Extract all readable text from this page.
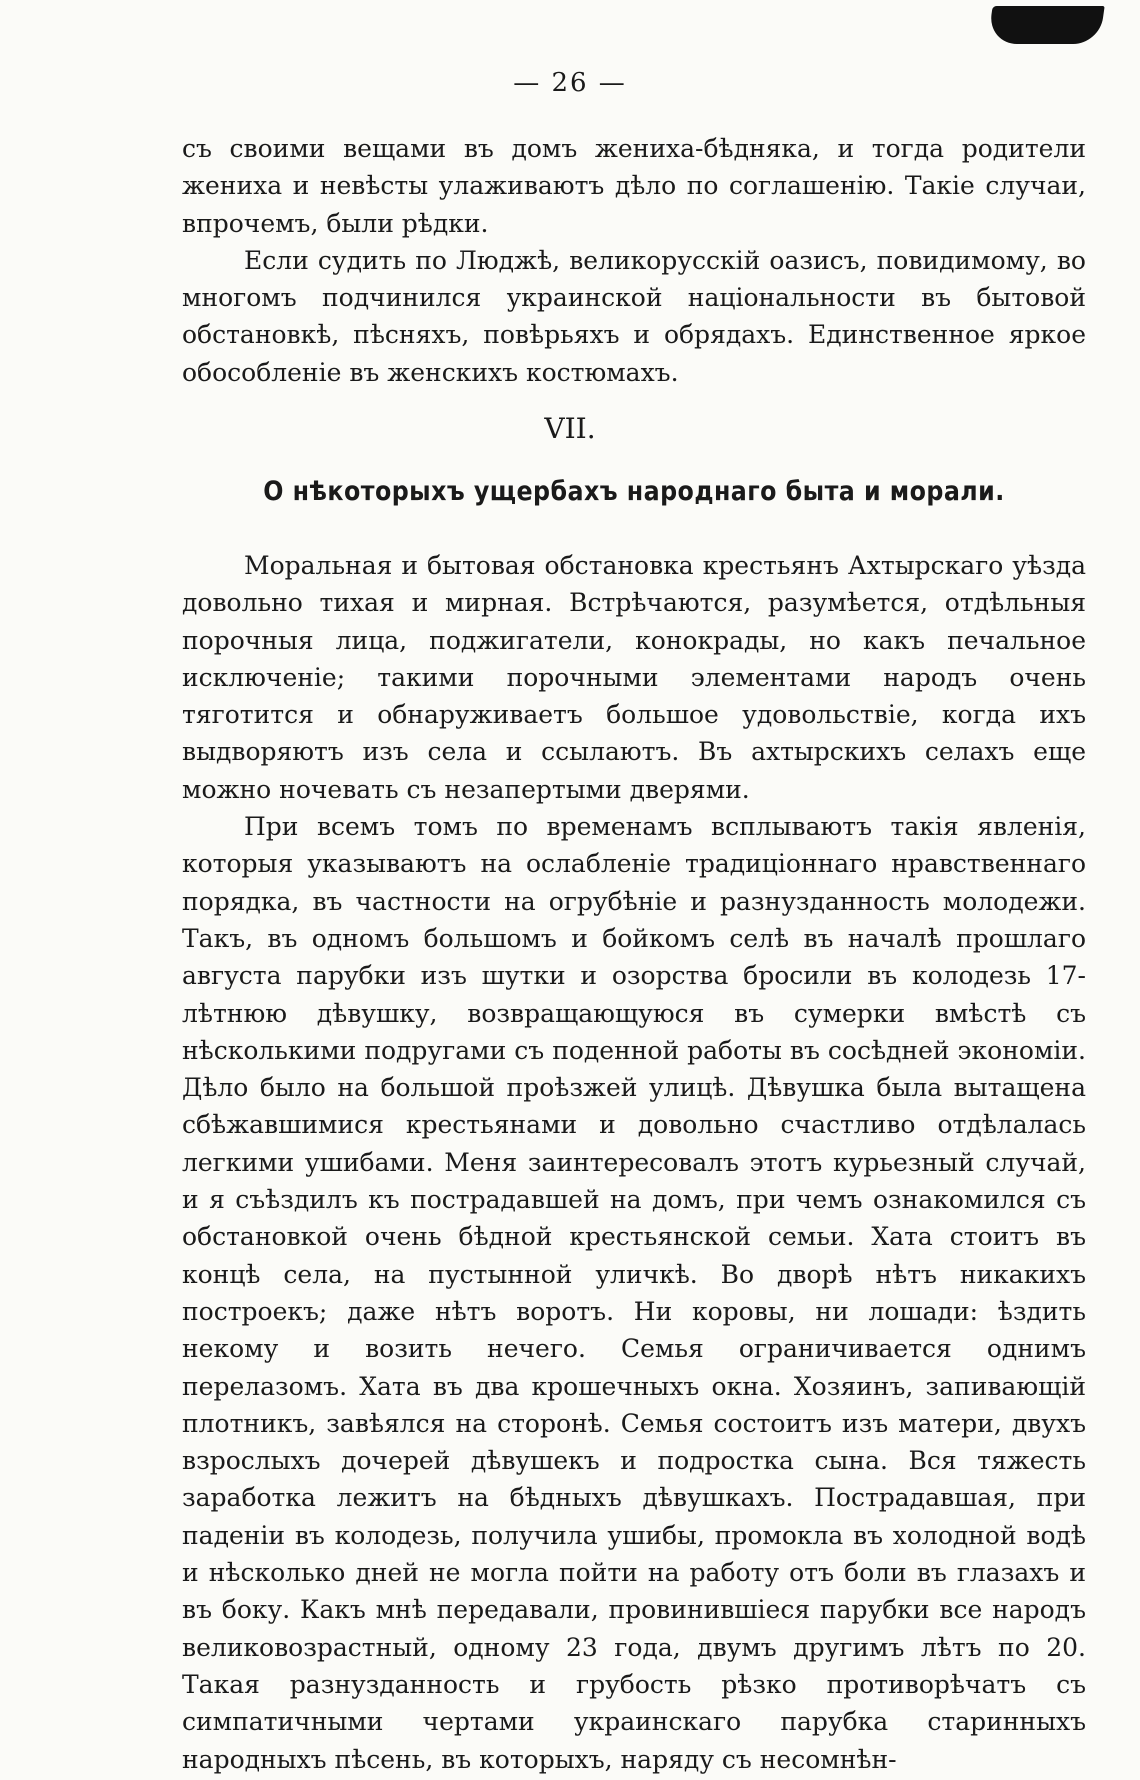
— 26 —

съ своими вещами въ домъ жениха-бѣдняка, и тогда родители жениха и невѣсты улаживаютъ дѣло по соглашенію. Такіе случаи, впрочемъ, были рѣдки.

Если судить по Люджѣ, великорусскій оазисъ, повидимому, во многомъ подчинился украинской національности въ бытовой обстановкѣ, пѣсняхъ, повѣрьяхъ и обрядахъ. Единственное яркое обособленіе въ женскихъ костюмахъ.

VII.
О нѣкоторыхъ ущербахъ народнаго быта и морали.

Моральная и бытовая обстановка крестьянъ Ахтырскаго уѣзда довольно тихая и мирная. Встрѣчаются, разумѣется, отдѣльныя порочныя лица, поджигатели, конокрады, но какъ печальное исключеніе; такими порочными элементами народъ очень тяготится и обнаруживаетъ большое удовольствіе, когда ихъ выдворяютъ изъ села и ссылаютъ. Въ ахтырскихъ селахъ еще можно ночевать съ незапертыми дверями.

При всемъ томъ по временамъ всплываютъ такія явленія, которыя указываютъ на ослабленіе традиціоннаго нравственнаго порядка, въ частности на огрубѣніе и разнузданность молодежи. Такъ, въ одномъ большомъ и бойкомъ селѣ въ началѣ прошлаго августа парубки изъ шутки и озорства бросили въ колодезь 17-лѣтнюю дѣвушку, возвращающуюся въ сумерки вмѣстѣ съ нѣсколькими подругами съ поденной работы въ сосѣдней экономіи. Дѣло было на большой проѣзжей улицѣ. Дѣвушка была вытащена сбѣжавшимися крестьянами и довольно счастливо отдѣлалась легкими ушибами. Меня заинтересовалъ этотъ курьезный случай, и я съѣздилъ къ пострадавшей на домъ, при чемъ ознакомился съ обстановкой очень бѣдной крестьянской семьи. Хата стоитъ въ концѣ села, на пустынной уличкѣ. Во дворѣ нѣтъ никакихъ построекъ; даже нѣтъ воротъ. Ни коровы, ни лошади: ѣздить некому и возить нечего. Семья ограничивается однимъ перелазомъ. Хата въ два крошечныхъ окна. Хозяинъ, запивающій плотникъ, завѣялся на сторонѣ. Семья состоитъ изъ матери, двухъ взрослыхъ дочерей дѣвушекъ и подростка сына. Вся тяжесть заработка лежитъ на бѣдныхъ дѣвушкахъ. Пострадавшая, при паденіи въ колодезь, получила ушибы, промокла въ холодной водѣ и нѣсколько дней не могла пойти на работу отъ боли въ глазахъ и въ боку. Какъ мнѣ передавали, провинившіеся парубки все народъ великовозрастный, одному 23 года, двумъ другимъ лѣтъ по 20. Такая разнузданность и грубость рѣзко противорѣчатъ съ симпатичными чертами украинскаго парубка старинныхъ народныхъ пѣсень, въ которыхъ, наряду съ несомнѣн-
